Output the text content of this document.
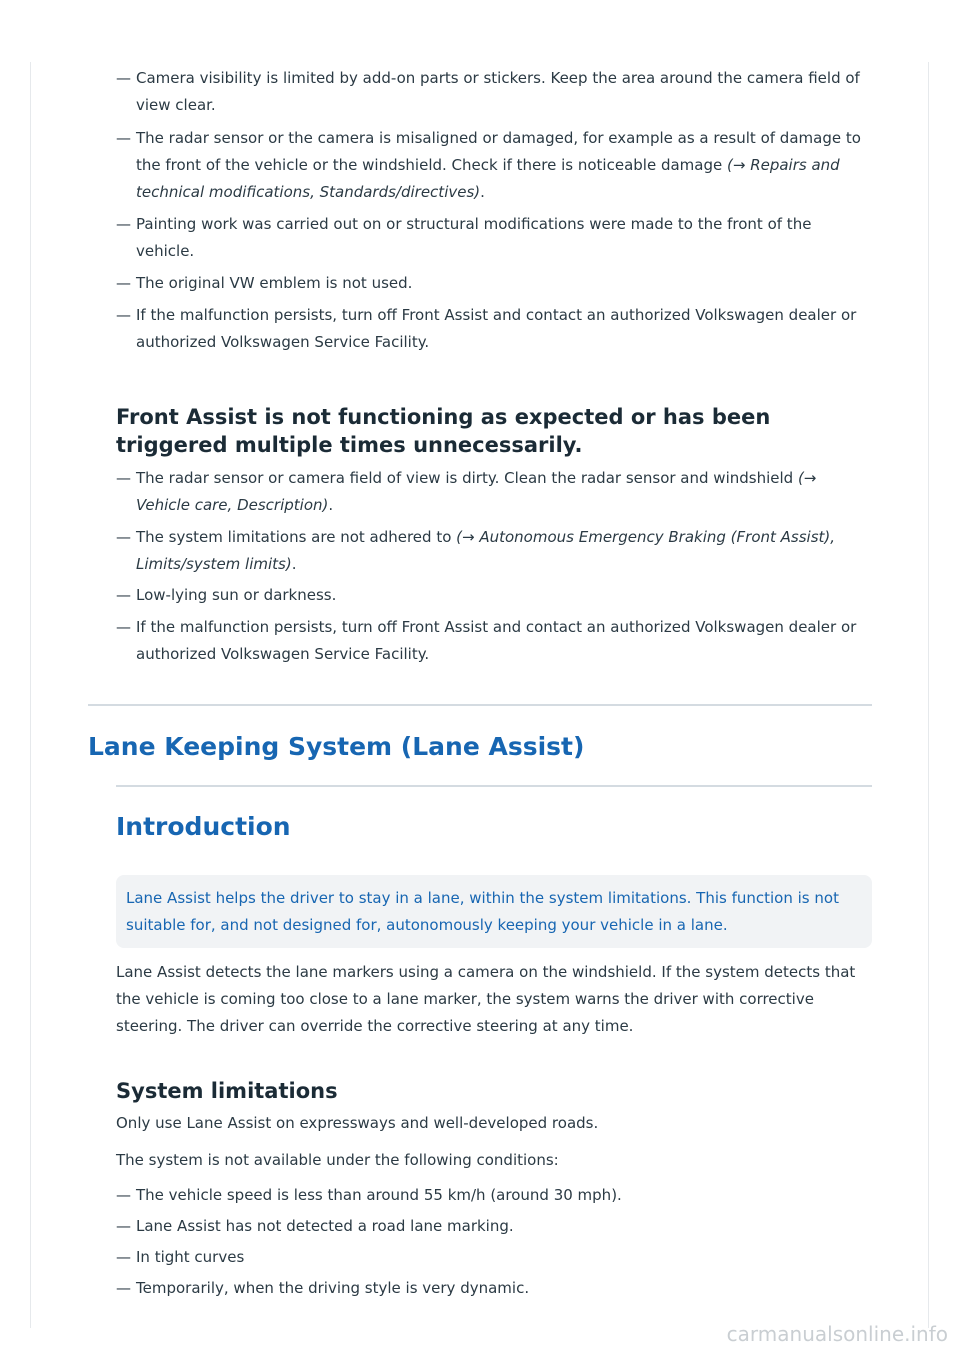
— Camera visibility is limited by add-on parts or stickers. Keep the area around the camera field of view clear.
— The radar sensor or the camera is misaligned or damaged, for example as a result of damage to the front of the vehicle or the windshield. Check if there is noticeable damage (→ Repairs and technical modifications, Standards/directives).
— Painting work was carried out on or structural modifications were made to the front of the vehicle.
— The original VW emblem is not used.
— If the malfunction persists, turn off Front Assist and contact an authorized Volkswagen dealer or authorized Volkswagen Service Facility.
Front Assist is not functioning as expected or has been triggered multiple times unnecessarily.
— The radar sensor or camera field of view is dirty. Clean the radar sensor and windshield (→ Vehicle care, Description).
— The system limitations are not adhered to (→ Autonomous Emergency Braking (Front Assist), Limits/system limits).
— Low-lying sun or darkness.
— If the malfunction persists, turn off Front Assist and contact an authorized Volkswagen dealer or authorized Volkswagen Service Facility.
Lane Keeping System (Lane Assist)
Introduction
Lane Assist helps the driver to stay in a lane, within the system limitations. This function is not suitable for, and not designed for, autonomously keeping your vehicle in a lane.

Lane Assist detects the lane markers using a camera on the windshield. If the system detects that the vehicle is coming too close to a lane marker, the system warns the driver with corrective steering. The driver can override the corrective steering at any time.

System limitations

Only use Lane Assist on expressways and well-developed roads.

The system is not available under the following conditions:

— The vehicle speed is less than around 55 km/h (around 30 mph).
— Lane Assist has not detected a road lane marking.
— In tight curves
— Temporarily, when the driving style is very dynamic.
carmanualsonline.info
